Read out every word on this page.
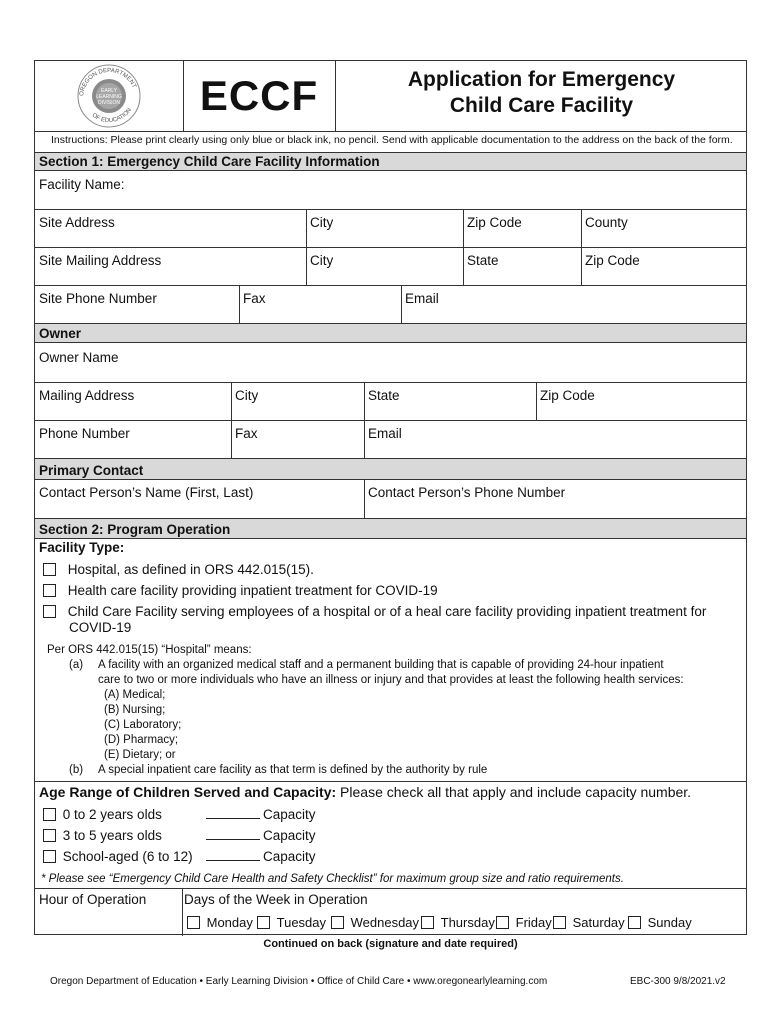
OREGON DEPARTMENT
OF EDUCATION
EARLY
LEARNING
DIVISION ECCF	Application for Emergency
Child Care Facility
Instructions: Please print clearly using only blue or black ink, no pencil. Send with applicable documentation to the address on the back of the form.
Section 1: Emergency Child Care Facility Information
Facility Name:
Site Address	City	Zip Code	County
Site Mailing Address	City	State	Zip Code
Site Phone Number	Fax	Email
Owner
Owner Name
Mailing Address	City	State	Zip Code
Phone Number	Fax	Email
Primary Contact
Contact Person’s Name (First, Last)	Contact Person’s Phone Number
Section 2: Program Operation
Facility Type:
Hospital, as defined in ORS 442.015(15).
Health care facility providing inpatient treatment for COVID-19
Child Care Facility serving employees of a hospital or of a heal care facility providing inpatient treatment for
COVID-19
Per ORS 442.015(15) “Hospital” means:
(a) A facility with an organized medical staff and a permanent building that is capable of providing 24-hour inpatient
care to two or more individuals who have an illness or injury and that provides at least the following health services:
(A) Medical;
(B) Nursing;
(C) Laboratory;
(D) Pharmacy;
(E) Dietary; or
(b) A special inpatient care facility as that term is defined by the authority by rule
Age Range of Children Served and Capacity: Please check all that apply and include capacity number.
0 to 2 years olds	Capacity
3 to 5 years olds	Capacity
School-aged (6 to 12)	Capacity
* Please see “Emergency Child Care Health and Safety Checklist” for maximum group size and ratio requirements.
Hour of Operation	Days of the Week in Operation
Monday	Tuesday	Wednesday	Thursday	Friday	Saturday	Sunday
Continued on back (signature and date required)
Oregon Department of Education • Early Learning Division • Office of Child Care • www.oregonearlylearning.com	EBC-300 9/8/2021.v2
